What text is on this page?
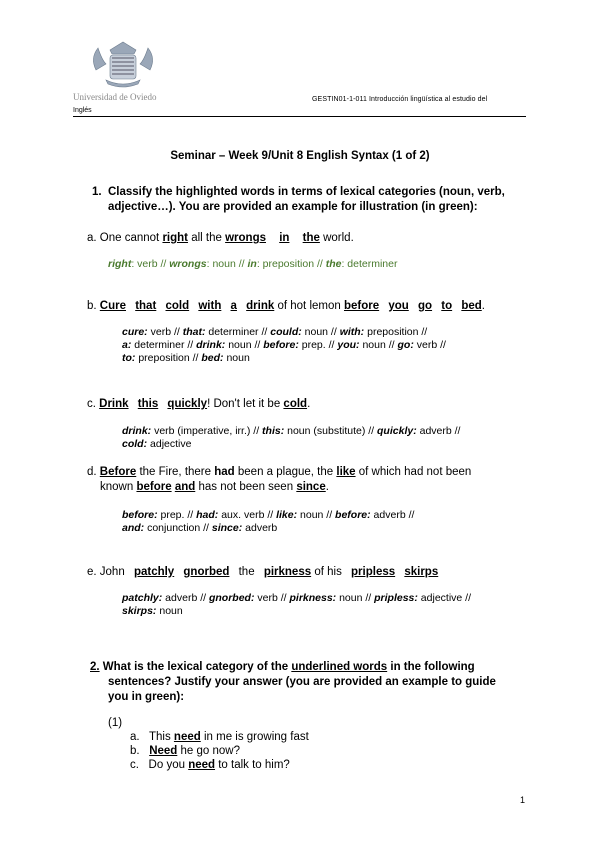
Universidad de Oviedo	GESTIN01-1-011 Introducción lingüística al estudio del
Inglés
Seminar – Week 9/Unit 8 English Syntax (1 of 2)
1. Classify the highlighted words in terms of lexical categories (noun, verb,
adjective…). You are provided an example for illustration (in green):
a. One cannot right all the wrongs in the world.
right: verb // wrongs: noun // in: preposition // the: determiner
b. Cure that cold with a drink of hot lemon before you go to bed.
cure: verb // that: determiner // could: noun // with: preposition //
a: determiner // drink: noun // before: prep. // you: noun // go: verb //
to: preposition // bed: noun
c. Drink this quickly! Don't let it be cold.
drink: verb (imperative, irr.) // this: noun (substitute) // quickly: adverb //
cold: adjective
d. Before the Fire, there had been a plague, the like of which had not been
known before and has not been seen since.
before: prep. // had: aux. verb // like: noun // before: adverb //
and: conjunction // since: adverb
e. John patchly gnorbed the pirkness of his pripless skirps
patchly: adverb // gnorbed: verb // pirkness: noun // pripless: adjective //
skirps: noun
2. What is the lexical category of the underlined words in the following
sentences? Justify your answer (you are provided an example to guide
you in green):
(1)
a. This need in me is growing fast
b. Need he go now?
c. Do you need to talk to him?
1
